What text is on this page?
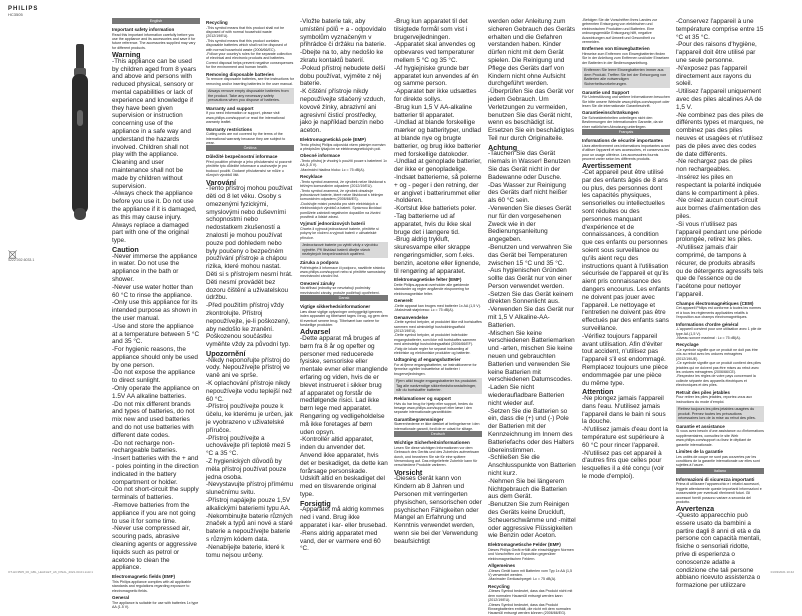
PHILIPS
HC3505
4222.002.6033.1
English
Important safety information
Read this important information carefully before you use the appliance and its accessories and save it for future reference. The accessories supplied may vary for different products.
Warning
-This appliance can be used by children aged from 8 years and above and persons with reduced physical, sensory or mental capabilities or lack of experience and knowledge if they have been given supervision or instruction concerning use of the appliance in a safe way and understand the hazards involved. Children shall not play with the appliance. Cleaning and user maintenance shall not be made by children without supervision.
-Always check the appliance before you use it. Do not use the appliance if it is damaged, as this may cause injury. Always replace a damaged part with one of the original type.
Caution
-Never immerse the appliance in water. Do not use the appliance in the bath or shower.
-Never use water hotter than 60 °C to rinse the appliance.
-Only use this appliance for its intended purpose as shown in the user manual.
-Use and store the appliance at a temperature between 5 °C and 35 °C.
-For hygienic reasons, the appliance should only be used by one person.
-Do not expose the appliance to direct sunlight.
-Only operate the appliance on 1.5V AA alkaline batteries.
-Do not mix different brands and types of batteries, do not mix new and used batteries and do not use batteries with different date codes.
-Do not recharge non-rechargeable batteries.
-Insert batteries with the + and - poles pointing in the direction indicated in the battery compartment or holder.
-Do not short-circuit the supply terminals of batteries.
-Remove batteries from the appliance if you are not going to use it for some time.
-Never use compressed air, scouring pads, abrasive cleaning agents or aggressive liquids such as petrol or acetone to clean the appliance.
Electromagnetic fields (EMF)
This Philips appliance complies with all applicable standards and regulations regarding exposure to electromagnetic fields.
General
The appliance is suitable for use with batteries 1x type AA (1.5 V).
Recycling
-This symbol means that this product shall not be disposed of with normal household waste (2012/19/EU).
-This symbol means that this product contains disposable batteries which shall not be disposed of with normal household waste (2006/66/EC).
-Follow your country's rules for the separate collection of electrical and electronic products and batteries. Correct disposal helps prevent negative consequences for the environment and human health.
Removing disposable batteries
To remove disposable batteries, see the instructions for removing and/or inserting batteries in the user manual.
Always remove empty disposable batteries from the product. Take any necessary safety precautions when you dispose of batteries.
Warranty and support
If you need information or support, please visit www.philips.com/support or read the international warranty leaflet.
Warranty restrictions
Cutting units are not covered by the terms of the international warranty because they are subject to wear.
Čeština
Důležité bezpečnostní informace
Před použitím přístroje a jeho příslušenství si pozorně přečtěte tyto důležité informace a uschovejte je pro budoucí použití. Dodané příslušenství se může u různých výrobků lišit.
Varování
-Tento přístroj mohou používat děti od 8 let věku. Osoby s omezenými fyzickými, smyslovými nebo duševními schopnostmi nebo nedostatkem zkušeností a znalostí je mohou používat pouze pod dohledem nebo byly poučeny o bezpečném používání přístroje a chápou rizika, které mohou nastat. Děti si s přístrojem nesmí hrát. Děti nesmí provádět bez dozoru čištění a uživatelskou údržbu.
-Před použitím přístroj vždy zkontrolujte. Přístroj nepoužívejte, je-li poškozený, aby nedošlo ke zranění. Poškozenou součástku vyměňte vždy za původní typ.
Upozornění
-Nikdy neponořujte přístroj do vody. Nepoužívejte přístroj ve vaně ani ve sprše.
-K oplachování přístroje nikdy nepoužívejte vodu teplejší než 60 °C.
-Přístroj používejte pouze k účelu, ke kterému je určen, jak je vyobrazeno v uživatelské příručce.
-Přístroj používejte a uchovávejte při teplotě mezi 5 °C a 35 °C.
-Z hygienických důvodů by měla přístroj používat pouze jedna osoba.
-Nevystavujte přístroj přímému slunečnímu svitu.
-Přístroj napájejte pouze 1,5V alkalickými bateriemi typu AA.
-Nekombinujte baterie různých značek a typů ani nové a staré baterie a nepoužívejte baterie s různým kódem data.
-Nenabíjejte baterie, které k tomu nejsou určeny.
-Vložte baterie tak, aby umístění pólů + a - odpovídalo symbolům vyznačeným v přihrádce či držáku na baterie.
-Dbejte na to, aby nedošlo ke zkratu kontaktů baterií.
-Pokud přístroj nebudete delší dobu používat, vyjměte z něj baterie.
-K čištění přístroje nikdy nepoužívejte stlačený vzduch, kovové žínky, abrazivní ani agresivní čisticí prostředky, jako je například benzín nebo aceton.
Elektromagnetická pole (EMP)
Tento přístroj Philips odpovídá všem platným normám a předpisům týkajícím se elektromagnetických polí.
Obecné informace
-Tento přístroj je vhodný k použití pouze s bateriemi 1x AA (1,5 V).
-Maximální hladina hluku: Lc = 75 dB(A).
Recyklace
-Tento symbol znamená, že výrobek nelze likvidovat s běžným komunálním odpadem (2012/19/EU).
-Tento symbol znamená, že výrobek obsahuje jednorázové baterie, které nelze likvidovat s běžným komunálním odpadem (2006/66/ES).
-Dodržujte místní pravidla pro sběr elektrických a elektronických výrobků a baterií. Správnou likvidací pomůžete zabránit negativním dopadům na životní prostředí a lidské zdraví.
Vyjmutí jednorázových baterií
Chcete-li vyjmout jednorázové baterie, přečtěte si pokyny ke vložení a vyjmutí baterií v uživatelské příručce.
Jednorázové baterie po vybití vždy z výrobku vyjměte. Při likvidaci baterií dbejte všech nezbytných bezpečnostních opatření.
Záruka a podpora
Potřebujete-li informace či podporu, navštivte stránku www.philips.com/support nebo si přečtěte samostatný mezinárodní záruční list.
Omezení záruky
Na střihací jednotky se nevztahují podmínky mezinárodní záruky, protože podléhají opotřebení.
Dansk
Vigtige sikkerhedsinformationer
Læs disse vigtige oplysninger omhyggeligt igennem, inden apparatet og tilbehøret tages i brug, og gem dem til eventuel senere brug. Tilbehøret kan variere for forskellige produkter.
Advarsel
-Dette apparat må bruges af børn fra 8 år og opefter og personer med reducerede fysiske, sensoriske eller mentale evner eller manglende erfaring og viden, hvis de er blevet instrueret i sikker brug af apparatet og forstår de medfølgende risici. Lad ikke børn lege med apparatet. Rengøring og vedligeholdelse må ikke foretages af børn uden opsyn.
-Kontrollér altid apparatet, inden du anvender det. Anvend ikke apparatet, hvis det er beskadiget, da dette kan forårsage personskade. Udskift altid en beskadiget del med en tilsvarende original type.
Forsigtig
-Apparatet må aldrig kommes ned i vand. Brug ikke apparatet i kar- eller brusebad.
-Rens aldrig apparatet med vand, der er varmere end 60 °C.
-Brug kun apparatet til det tilsigtede formål som vist i brugervejledningen.
-Apparatet skal anvendes og opbevares ved temperaturer mellem 5 °C og 35 °C.
-Af hygiejniske grunde bør apparatet kun anvendes af én og samme person.
-Apparatet bør ikke udsættes for direkte sollys.
-Brug kun 1,5 V AA-alkaline batterier til apparatet.
-Undlad at blande forskellige mærker og batterityper, undlad at blande nye og brugte batterier, og brug ikke batterier med forskellige datokoder.
-Undlad at genoplade batterier, der ikke er genopladelige.
-Indsæt batterierne, så polerne + og - peger i den retning, der er angivet i batterirummet eller -holderen.
-Kortslut ikke batteriets poler.
-Tag batterierne ud af apparatet, hvis du ikke skal bruge det i længere tid.
-Brug aldrig trykluft, skuresvampe eller skrappe rengøringsmidler, som f.eks. benzin, acetone eller lignende, til rengøring af apparatet.
Elektromagnetiske felter (EMF)
Dette Philips-apparat overholder alle gældende standarder og regler angående eksponering for elektromagnetiske felter.
Generelt
-Dette apparat kan bruges med batterier 1x AA (1,5 V).
-Maksimalt støjniveau: Lc = 75 dB(A).
Genanvendelse
-Dette symbol betyder, at produktet ikke må bortskaffes sammen med almindeligt husholdningsaffald (2012/19/EU).
-Dette symbol betyder, at produktet indeholder engangsbatterier, som ikke må bortskaffes sammen med almindeligt husholdningsaffald (2006/66/EF).
-Følg de lokale regler for separat indsamling af elektriske og elektroniske produkter og batterier.
Udtagning af engangsbatterier
For at fjerne engangsbatterier, se instruktionerne for fjernelse og/eller indsættelse af batterier i brugervejledningen.
Fjern altid brugte engangsbatterier fra produktet. Tag alle nødvendige sikkerhedsforanstaltninger, når du bortskaffer batterier.
Reklamationer og support
Hvis du har brug for hjælp eller support, bedes du besøge www.philips.com/support eller læse i den separate internationale garantifolder.
Garantibegrænsninger
Skærenhederne er ikke dækket af betingelserne i den internationale garanti, fordi de er udsat for slitage.
Deutsch
Wichtige Sicherheitsinformationen
Lesen Sie diese wichtigen Informationen vor dem Gebrauch des Geräts und des Zubehörs aufmerksam durch, und bewahren Sie sie für eine spätere Verwendung auf. Das mitgelieferte Zubehör kann für verschiedene Produkte variieren.
Vorsicht
-Dieses Gerät kann von Kindern ab 8 Jahren und Personen mit verringerten physischen, sensorischen oder psychischen Fähigkeiten oder Mangel an Erfahrung und Kenntnis verwendet werden, wenn sie bei der Verwendung beaufsichtigt
werden oder Anleitung zum sicheren Gebrauch des Geräts erhalten und die Gefahren verstanden haben. Kinder dürfen nicht mit dem Gerät spielen. Die Reinigung und Pflege des Geräts darf von Kindern nicht ohne Aufsicht durchgeführt werden.
-Überprüfen Sie das Gerät vor jedem Gebrauch. Um Verletzungen zu vermeiden, benutzen Sie das Gerät nicht, wenn es beschädigt ist. Ersetzen Sie ein beschädigtes Teil nur durch Originalteile.
Achtung
-Tauchen Sie das Gerät niemals in Wasser! Benutzen Sie das Gerät nicht in der Badewanne oder Dusche.
-Das Wasser zur Reinigung des Geräts darf nicht heißer als 60 °C sein.
-Verwenden Sie dieses Gerät nur für den vorgesehenen Zweck wie in der Bedienungsanleitung angegeben.
-Benutzen und verwahren Sie das Gerät bei Temperaturen zwischen 15 °C und 35 °C.
-Aus hygienischen Gründen sollte das Gerät nur von einer Person verwendet werden.
-Setzen Sie das Gerät keinem direkten Sonnenlicht aus.
-Verwenden Sie das Gerät nur mit 1,5 V Alkaline-AA-Batterien.
-Mischen Sie keine verschiedenen Batteriemarken und -arten, mischen Sie keine neuen und gebrauchten Batterien und verwenden Sie keine Batterien mit verschiedenen Datumscodes.
-Laden Sie nicht wiederaufladbare Batterien nicht wieder auf.
-Setzen Sie die Batterien so ein, dass die (+) und (-) Pole der Batterien mit der Kennzeichnung im Innern des Batteriefachs oder des Halters übereinstimmen.
-Schließen Sie die Anschlusspunkte von Batterien nicht kurz.
-Nehmen Sie bei längerem Nichtgebrauch die Batterien aus dem Gerät.
-Benutzen Sie zum Reinigen des Geräts keine Druckluft, Scheuerschwämme und -mittel oder aggressive Flüssigkeiten wie Benzin oder Aceton.
Elektromagnetische Felder (EMF)
Dieses Philips Gerät erfüllt alle einschlägigen Normen und Vorschriften zur Exposition gegenüber elektromagnetischen Feldern.
Allgemeines
-Dieses Gerät kann mit Batterien vom Typ 1x AA (1,5 V) verwendet werden.
-Maximaler Geräuschpegel: Lc = 75 dB(A).
Recycling
-Dieses Symbol bedeutet, dass das Produkt nicht mit dem normalen Hausmüll entsorgt werden kann (2012/19/EU).
-Dieses Symbol bedeutet, dass das Produkt Einwegbatterien enthält, die nicht mit dem normalen Hausmüll entsorgt werden können (2006/66/EG).
-Befolgen Sie die Vorschriften Ihres Landes zur getrennten Entsorgung von elektrischen und elektronischen Produkten und Batterien. Eine ordnungsgemäße Entsorgung hilft, negative Auswirkungen auf Umwelt und Gesundheit zu vermeiden.
Entfernen von Einwegbatterien
Hinweise zum Entfernen von Einwegbatterien finden Sie in der Anleitung zum Entfernen und/oder Einsetzen der Batterien in der Bedienungsanleitung.
Entfernen Sie leere Einwegbatterien immer aus dem Produkt. Treffen Sie bei der Entsorgung von Batterien alle notwendigen Sicherheitsvorkehrungen.
Garantie und Support
Für Unterstützung und weitere Informationen besuchen Sie bitte unsere Website www.philips.com/support oder lesen Sie die internationale Garantieschrift.
Garantieeinschränkungen
Die Schneideeinheiten unterliegen nicht den Bestimmungen der internationalen Garantie, da sie einer natürlichen Abnutzung unterliegen.
Français
Informations de sécurité importantes
Lisez attentivement ces informations importantes avant d'utiliser l'appareil et ses accessoires, et conservez-les pour un usage ultérieur. Les accessoires fournis peuvent varier selon les différents produits.
Avertissement
-Cet appareil peut être utilisé par des enfants âgés de 8 ans ou plus, des personnes dont les capacités physiques, sensorielles ou intellectuelles sont réduites ou des personnes manquant d'expérience et de connaissances, à condition que ces enfants ou personnes soient sous surveillance ou qu'ils aient reçu des instructions quant à l'utilisation sécurisée de l'appareil et qu'ils aient pris connaissance des dangers encourus. Les enfants ne doivent pas jouer avec l'appareil. Le nettoyage et l'entretien ne doivent pas être effectués par des enfants sans surveillance.
-Vérifiez toujours l'appareil avant utilisation. Afin d'éviter tout accident, n'utilisez pas l'appareil s'il est endommagé. Remplacez toujours une pièce endommagée par une pièce du même type.
Attention
-Ne plongez jamais l'appareil dans l'eau. N'utilisez jamais l'appareil dans le bain ni sous la douche.
-N'utilisez jamais d'eau dont la température est supérieure à 60 °C pour rincer l'appareil.
-N'utilisez pas cet appareil à d'autres fins que celles pour lesquelles il a été conçu (voir le mode d'emploi).
-Conservez l'appareil à une température comprise entre 15 °C et 35 °C.
-Pour des raisons d'hygiène, l'appareil doit être utilisé par une seule personne.
-N'exposez pas l'appareil directement aux rayons du soleil.
-Utilisez l'appareil uniquement avec des piles alcalines AA de 1,5 V.
-Ne combinez pas des piles de différents types et marques, ne combinez pas des piles neuves et usagées et n'utilisez pas de piles avec des codes de date différents.
-Ne rechargez pas de piles non rechargeables.
-Insérez les piles en respectant la polarité indiquée dans le compartiment à piles.
-Ne créez aucun court-circuit aux bornes d'alimentation des piles.
-Si vous n'utilisez pas l'appareil pendant une période prolongée, retirez les piles.
-N'utilisez jamais d'air comprimé, de tampons à récurer, de produits abrasifs ou de détergents agressifs tels que de l'essence ou de l'acétone pour nettoyer l'appareil.
Champs électromagnétiques (CEM)
Cet appareil Philips est conforme à toutes les normes et à tous les règlements applicables relatifs à l'exposition aux champs électromagnétiques.
Informations d'ordre général
-L'appareil convient pour une utilisation avec 1 pile de type AA (1,5 V).
-Niveau sonore maximal : Lc = 75 dB(A).
Recyclage
-Ce symbole signifie que ce produit ne doit pas être mis au rebut avec les ordures ménagères (2012/19/UE).
-Ce symbole signifie que ce produit contient des piles jetables qui ne doivent pas être mises au rebut avec les ordures ménagères (2006/66/CE).
-Respectez les règles de votre pays concernant la collecte séparée des appareils électriques et électroniques et des piles.
Retrait des piles jetables
Pour retirer les piles jetables, reportez-vous aux instructions du mode d'emploi.
Retirez toujours les piles jetables usagées du produit. Prenez toutes les précautions nécessaires lors de la mise au rebut des piles.
Garantie et assistance
Si vous avez besoin d'une assistance ou d'informations supplémentaires, consultez le site Web www.philips.com/support ou lisez le dépliant de garantie internationale.
Limites de la garantie
Les unités de coupe ne sont pas couvertes par les conditions de la garantie internationale car elles sont sujettes à l'usure.
Italiano
Informazioni di sicurezza importanti
Prima di utilizzare l'apparecchio e i relativi accessori, leggete attentamente queste importanti informazioni e conservatele per eventuali riferimenti futuri. Gli accessori forniti possono variare a seconda del prodotto.
Avvertenza
-Questo apparecchio può essere usato da bambini a partire dagli 8 anni di età e da persone con capacità mentali, fisiche o sensoriali ridotte, prive di esperienza o conoscenze adatte a condizione che tali persone abbiano ricevuto assistenza o formazione per utilizzare
OT-HC3505_00_GBL_LEAFLET_A6_FINAL_2021-03-01.indd 1	01/03/2021 10:42
